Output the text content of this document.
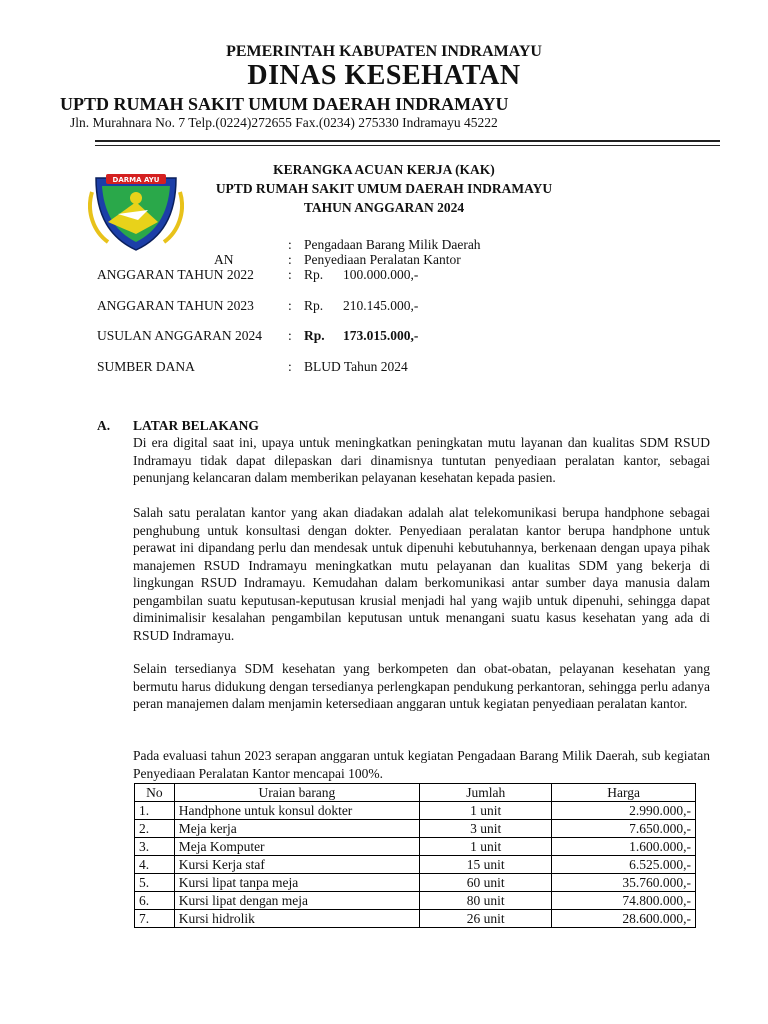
PEMERINTAH KABUPATEN INDRAMAYU
DINAS KESEHATAN
UPTD RUMAH SAKIT UMUM DAERAH INDRAMAYU
Jln. Murahnara No. 7 Telp.(0224)272655 Fax.(0234) 275330 Indramayu 45222
DARMA AYU
KERANGKA ACUAN KERJA (KAK)
UPTD RUMAH SAKIT UMUM DAERAH INDRAMAYU
TAHUN ANGGARAN 2024
: Pengadaan Barang Milik Daerah
AN	: Penyediaan Peralatan Kantor
ANGGARAN TAHUN 2022	: Rp. 100.000.000,-
ANGGARAN TAHUN 2023	: Rp. 210.145.000,-
USULAN ANGGARAN 2024	: Rp. 173.015.000,-
SUMBER DANA	: BLUD Tahun 2024
A. LATAR BELAKANG
Di era digital saat ini, upaya untuk meningkatkan peningkatan mutu layanan dan kualitas SDM RSUD Indramayu tidak dapat dilepaskan dari dinamisnya tuntutan penyediaan peralatan kantor, sebagai penunjang kelancaran dalam memberikan pelayanan kesehatan kepada pasien.
Salah satu peralatan kantor yang akan diadakan adalah alat telekomunikasi berupa handphone sebagai penghubung untuk konsultasi dengan dokter. Penyediaan peralatan kantor berupa handphone untuk perawat ini dipandang perlu dan mendesak untuk dipenuhi kebutuhannya, berkenaan dengan upaya pihak manajemen RSUD Indramayu meningkatkan mutu pelayanan dan kualitas SDM yang bekerja di lingkungan RSUD Indramayu. Kemudahan dalam berkomunikasi antar sumber daya manusia dalam pengambilan suatu keputusan-keputusan krusial menjadi hal yang wajib untuk dipenuhi, sehingga dapat diminimalisir kesalahan pengambilan keputusan untuk menangani suatu kasus kesehatan yang ada di RSUD Indramayu.
Selain tersedianya SDM kesehatan yang berkompeten dan obat-obatan, pelayanan kesehatan yang bermutu harus didukung dengan tersedianya perlengkapan pendukung perkantoran, sehingga perlu adanya peran manajemen dalam menjamin ketersediaan anggaran untuk kegiatan penyediaan peralatan kantor.
Pada evaluasi tahun 2023 serapan anggaran untuk kegiatan Pengadaan Barang Milik Daerah, sub kegiatan Penyediaan Peralatan Kantor mencapai 100%.
No	Uraian barang	Jumlah	Harga
1.	Handphone untuk konsul dokter	1 unit	2.990.000,-
2.	Meja kerja	3 unit	7.650.000,-
3.	Meja Komputer	1 unit	1.600.000,-
4.	Kursi Kerja staf	15 unit	6.525.000,-
5.	Kursi lipat tanpa meja	60 unit	35.760.000,-
6.	Kursi lipat dengan meja	80 unit	74.800.000,-
7.	Kursi hidrolik	26 unit	28.600.000,-
